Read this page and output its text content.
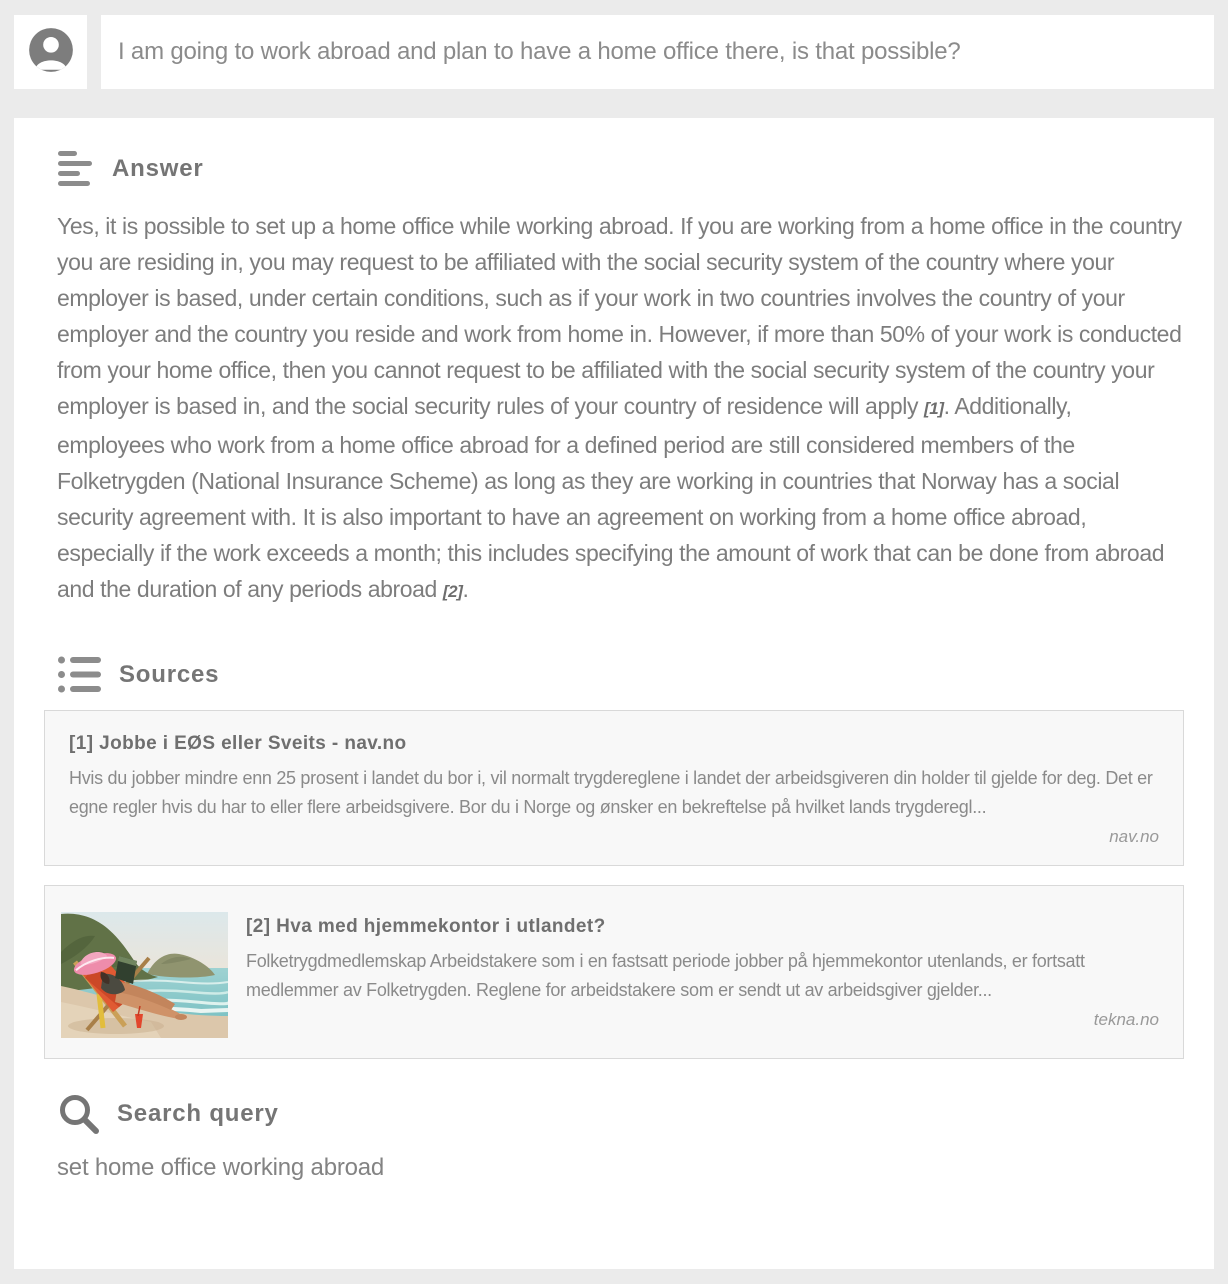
I am going to work abroad and plan to have a home office there, is that possible?
Answer

Yes, it is possible to set up a home office while working abroad. If you are working from a home office in the country you are residing in, you may request to be affiliated with the social security system of the country where your employer is based, under certain conditions, such as if your work in two countries involves the country of your employer and the country you reside and work from home in. However, if more than 50% of your work is conducted from your home office, then you cannot request to be affiliated with the social security system of the country your employer is based in, and the social security rules of your country of residence will apply [1]. Additionally, employees who work from a home office abroad for a defined period are still considered members of the Folketrygden (National Insurance Scheme) as long as they are working in countries that Norway has a social security agreement with. It is also important to have an agreement on working from a home office abroad, especially if the work exceeds a month; this includes specifying the amount of work that can be done from abroad and the duration of any periods abroad [2].

Sources
[1] Jobbe i EØS eller Sveits - nav.no
Hvis du jobber mindre enn 25 prosent i landet du bor i, vil normalt trygdereglene i landet der arbeidsgiveren din holder til gjelde for deg. Det er egne regler hvis du har to eller flere arbeidsgivere. Bor du i Norge og ønsker en bekreftelse på hvilket lands trygderegl...
nav.no
[2] Hva med hjemmekontor i utlandet?
Folketrygdmedlemskap Arbeidstakere som i en fastsatt periode jobber på hjemmekontor utenlands, er fortsatt medlemmer av Folketrygden. Reglene for arbeidstakere som er sendt ut av arbeidsgiver gjelder...
tekna.no
Search query
set home office working abroad
